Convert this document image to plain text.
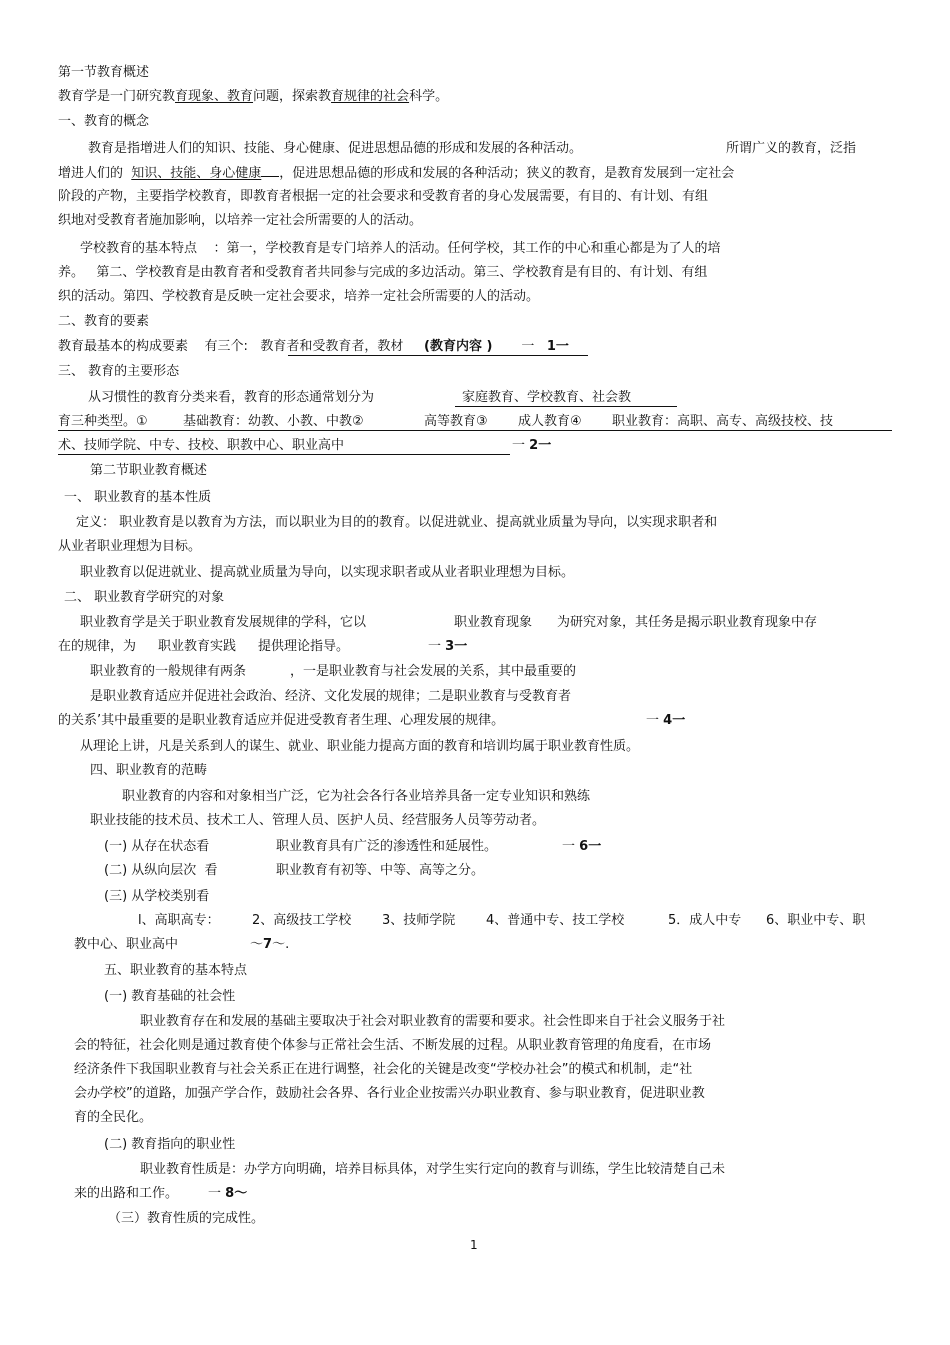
第一节教育概述
教育学是一门研究教育现象、教育问题，探索教育规律的社会科学。
一、教育的概念
教育是指增进人们的知识、技能、身心健康、促进思想品德的形成和发展的各种活动。	所谓广义的教育，泛指
增进人们的 知识、技能、身心健康 ，促进思想品德的形成和发展的各种活动；狭义的教育，是教育发展到一定社会
阶段的产物，主要指学校教育，即教育者根据一定的社会要求和受教育者的身心发展需要，有目的、有计划、有组
织地对受教育者施加影响，以培养一定社会所需要的人的活动。
学校教育的基本特点 ：第一，学校教育是专门培养人的活动。任何学校，其工作的中心和重心都是为了人的培
养。 第二、学校教育是由教育者和受教育者共同参与完成的多边活动。第三、学校教育是有目的、有计划、有组
织的活动。第四、学校教育是反映一定社会要求，培养一定社会所需要的人的活动。
二、教育的要素
教育最基本的构成要素 有三个: 教育者和受教育者，教材 (教育内容 ) 一 1一
三、 教育的主要形态
从习惯性的教育分类来看，教育的形态通常划分为	家庭教育、学校教育、社会教
育三种类型。①	基础教育：幼教、小教、中教②	高等教育③ 成人教育④ 职业教育：高职、高专、高级技校、技
术、技师学院、中专、技校、职教中心、职业高中	一 2一
第二节职业教育概述
一、 职业教育的基本性质
定义： 职业教育是以教育为方法，而以职业为目的的教育。以促进就业、提高就业质量为导向，以实现求职者和
从业者职业理想为目标。
职业教育以促进就业、提高就业质量为导向，以实现求职者或从业者职业理想为目标。
二、 职业教育学研究的对象
职业教育学是关于职业教育发展规律的学科，它以	职业教育现象 为研究对象，其任务是揭示职业教育现象中存
在的规律，为 职业教育实践 提供理论指导。	一 3一
职业教育的一般规律有两条	，一是职业教育与社会发展的关系，其中最重要的
是职业教育适应并促进社会政治、经济、文化发展的规律；二是职业教育与受教育者
的关系’其中最重要的是职业教育适应并促进受教育者生理、心理发展的规律。	一 4一
从理论上讲，凡是关系到人的谋生、就业、职业能力提高方面的教育和培训均属于职业教育性质。
四、职业教育的范畴
职业教育的内容和对象相当广泛，它为社会各行各业培养具备一定专业知识和熟练
职业技能的技术员、技术工人、管理人员、医护人员、经营服务人员等劳动者。
(一) 从存在状态看	职业教育具有广泛的渗透性和延展性。	一 6一
(二) 从纵向层次  看	职业教育有初等、中等、高等之分。
(三) 从学校类别看
l、高职高专： 2、高级技工学校 3、技师学院 4、普通中专、技工学校	5．成人中专 6、职业中专、职
教中心、职业高中	～7～.
五、职业教育的基本特点
(一) 教育基础的社会性
职业教育存在和发展的基础主要取决于社会对职业教育的需要和要求。社会性即来自于社会义服务于社
会的特征，社会化则是通过教育使个体参与正常社会生活、不断发展的过程。从职业教育管理的角度看，在市场
经济条件下我国职业教育与社会关系正在进行调整，社会化的关键是改变“学校办社会”的模式和机制，走“社
会办学校”的道路，加强产学合作，鼓励社会各界、各行业企业按需兴办职业教育、参与职业教育，促进职业教
育的全民化。
(二) 教育指向的职业性
职业教育性质是：办学方向明确，培养目标具体，对学生实行定向的教育与训练，学生比较清楚自己未
来的出路和工作。 一 8～
（三）教育性质的完成性。
1
